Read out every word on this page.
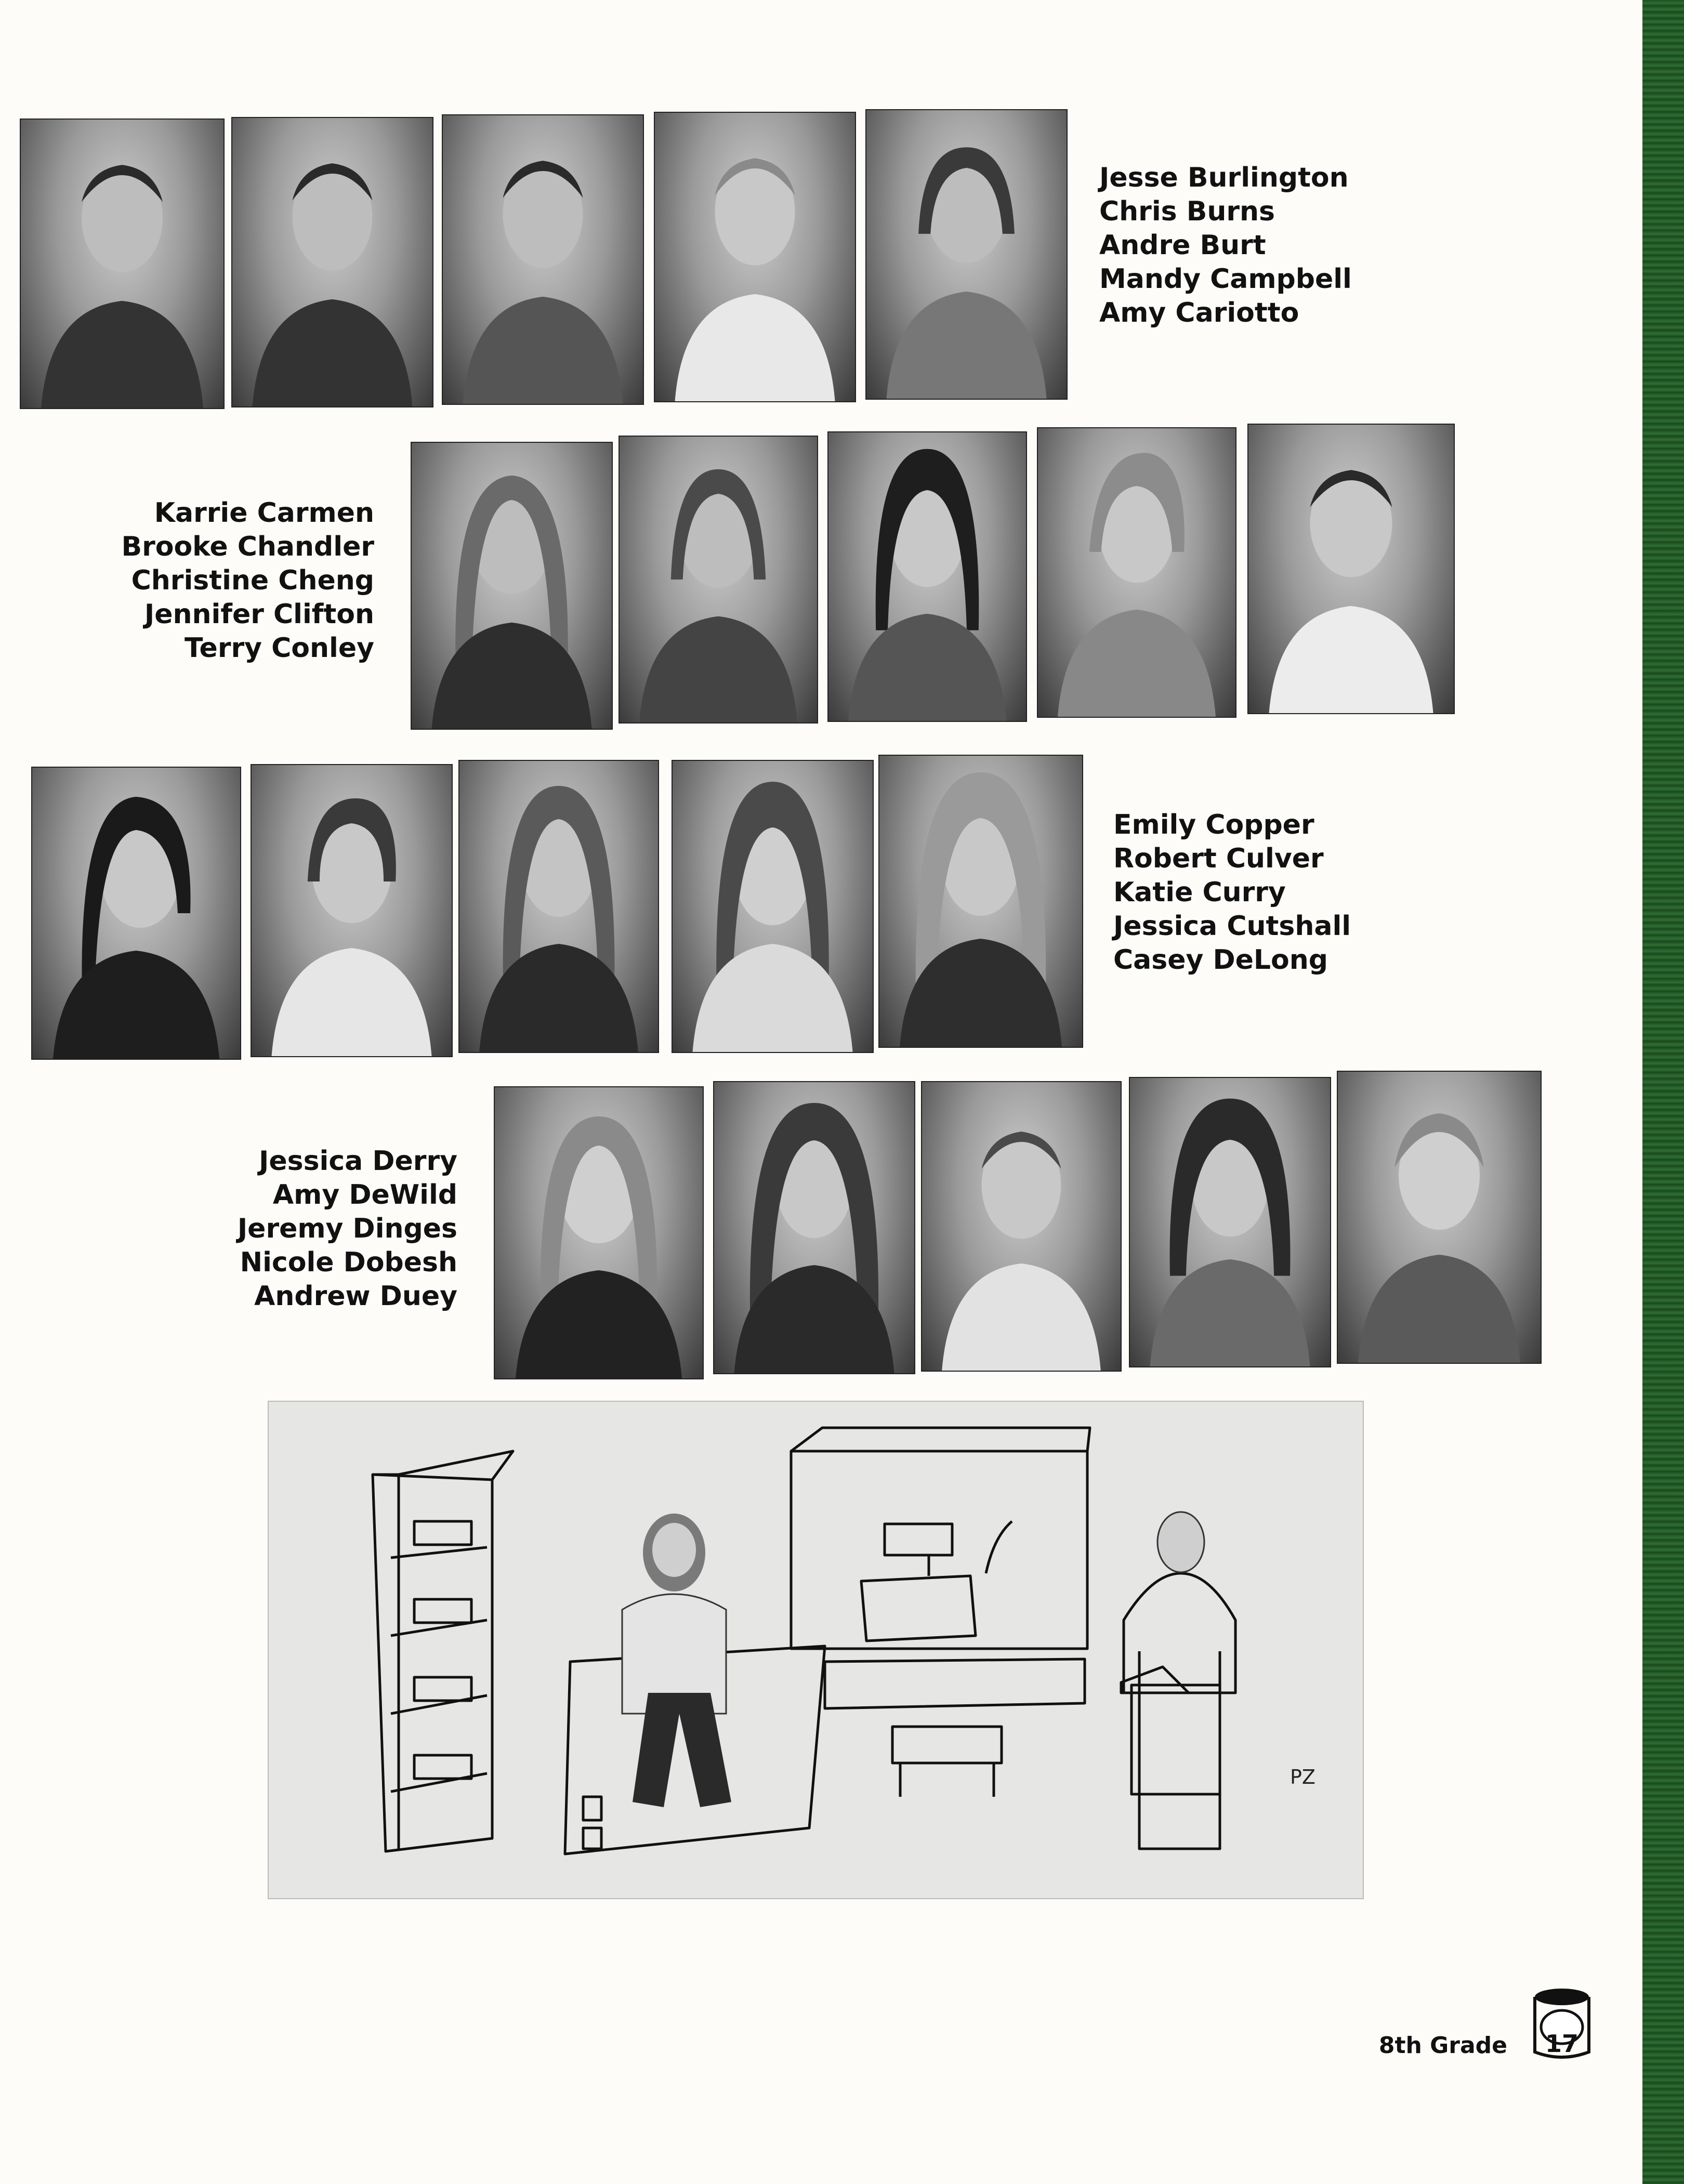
Jesse Burlington
Chris Burns
Andre Burt
Mandy Campbell
Amy Cariotto
Karrie Carmen
Brooke Chandler
Christine Cheng
Jennifer Clifton
Terry Conley
Emily Copper
Robert Culver
Katie Curry
Jessica Cutshall
Casey DeLong
Jessica Derry
Amy DeWild
Jeremy Dinges
Nicole Dobesh
Andrew Duey
PZ
8th Grade	17
